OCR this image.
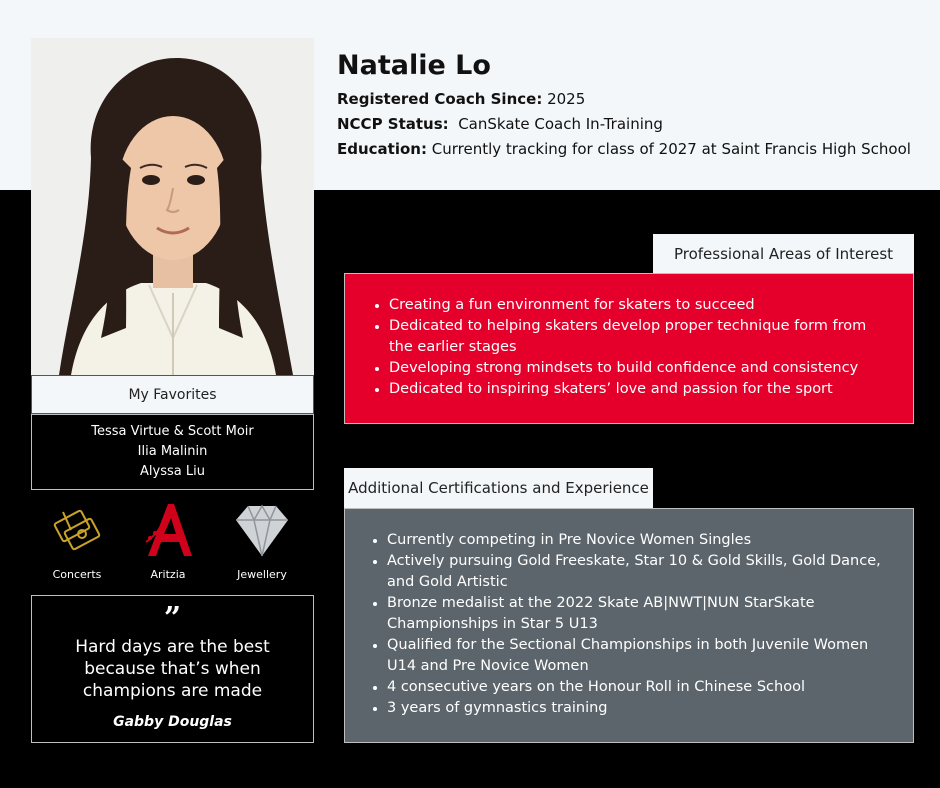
Natalie Lo
Registered Coach Since: 2025
NCCP Status:  CanSkate Coach In-Training
Education: Currently tracking for class of 2027 at Saint Francis High School
My Favorites
Tessa Virtue & Scott Moir
Ilia Malinin
Alyssa Liu
Concerts	Aritzia	Jewellery
”
Hard days are the best because that’s when champions are made
Gabby Douglas
Professional Areas of Interest
Creating a fun environment for skaters to succeed
Dedicated to helping skaters develop proper technique form from the earlier stages
Developing strong mindsets to build confidence and consistency
Dedicated to inspiring skaters’ love and passion for the sport
Additional Certifications and Experience
Currently competing in Pre Novice Women Singles
Actively pursuing Gold Freeskate, Star 10 & Gold Skills, Gold Dance, and Gold Artistic
Bronze medalist at the 2022 Skate AB|NWT|NUN StarSkate Championships in Star 5 U13
Qualified for the Sectional Championships in both Juvenile Women U14 and Pre Novice Women
4 consecutive years on the Honour Roll in Chinese School
3 years of gymnastics training
